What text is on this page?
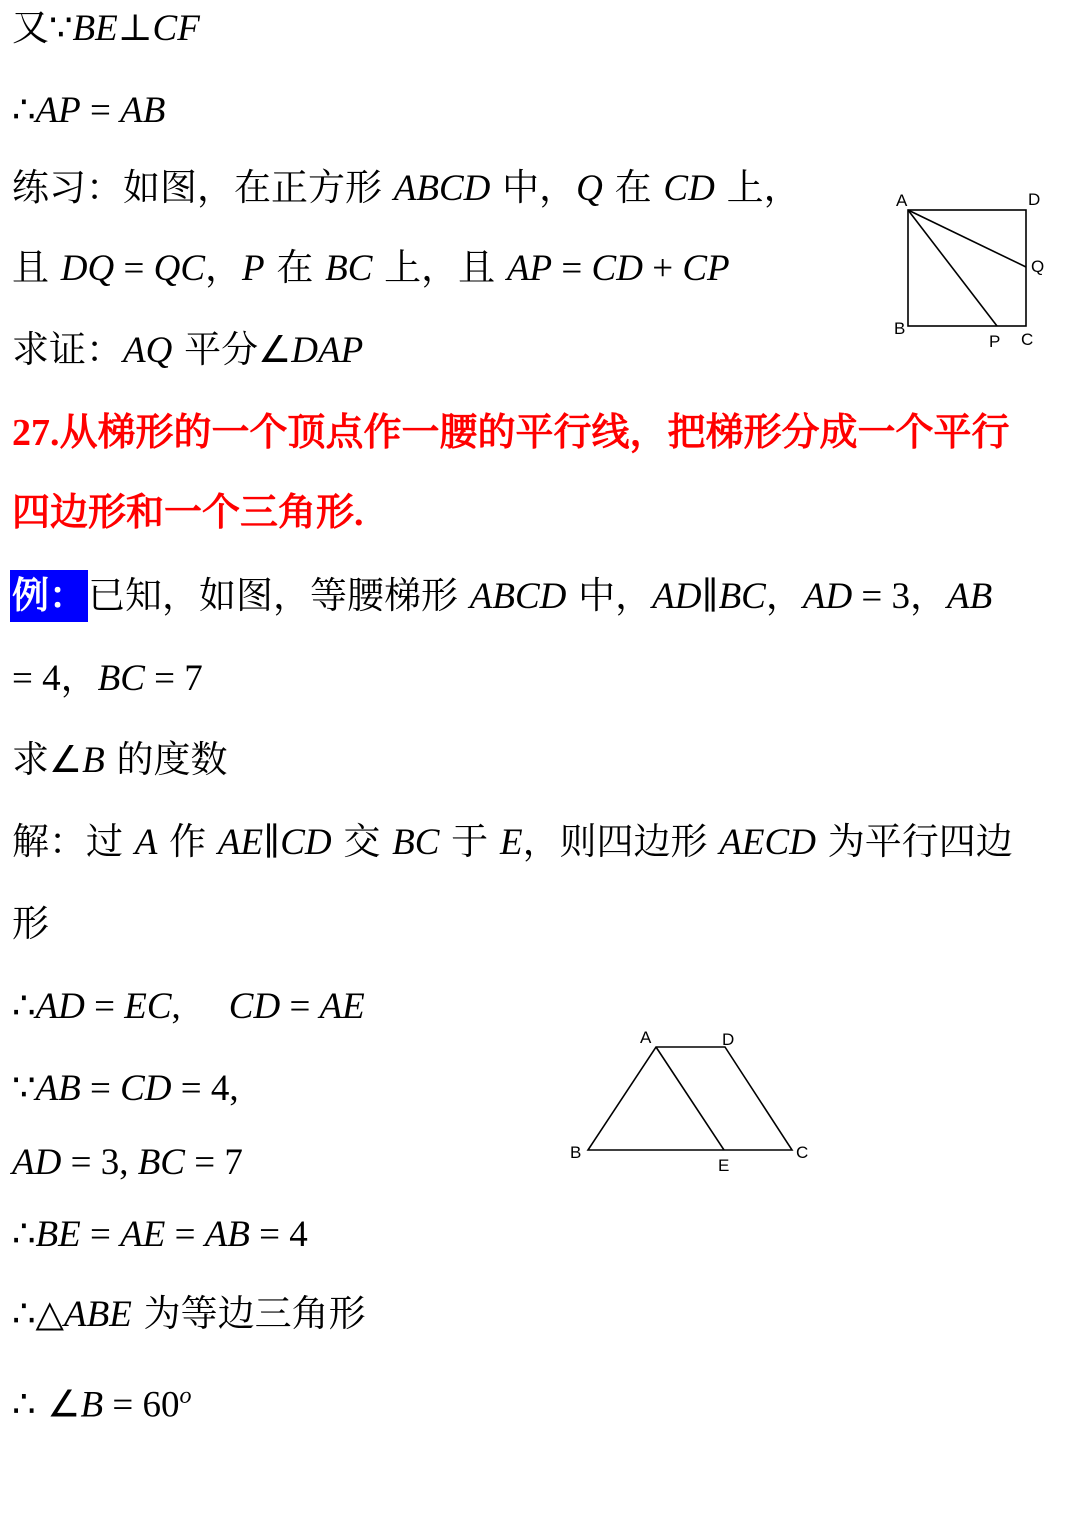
又∵BE⊥CF
∴AP = AB
练习：如图，在正方形 ABCD 中，Q 在 CD 上，
且 DQ = QC，P 在 BC 上，且 AP = CD + CP
求证：AQ 平分∠DAP
A	D
Q
B
P C
27.从梯形的一个顶点作一腰的平行线，把梯形分成一个平行
四边形和一个三角形.
例：已知，如图，等腰梯形 ABCD 中，AD∥BC，AD = 3，AB
= 4，BC = 7
求∠B 的度数
解：过 A 作 AE∥CD 交 BC 于 E，则四边形 AECD 为平行四边
形
∴AD = EC, CD = AE
∵AB = CD = 4,
AD = 3, BC = 7
∴BE = AE = AB = 4
∴△ABE 为等边三角形
∴ ∠B = $60^o$
A	D
B
E
C
